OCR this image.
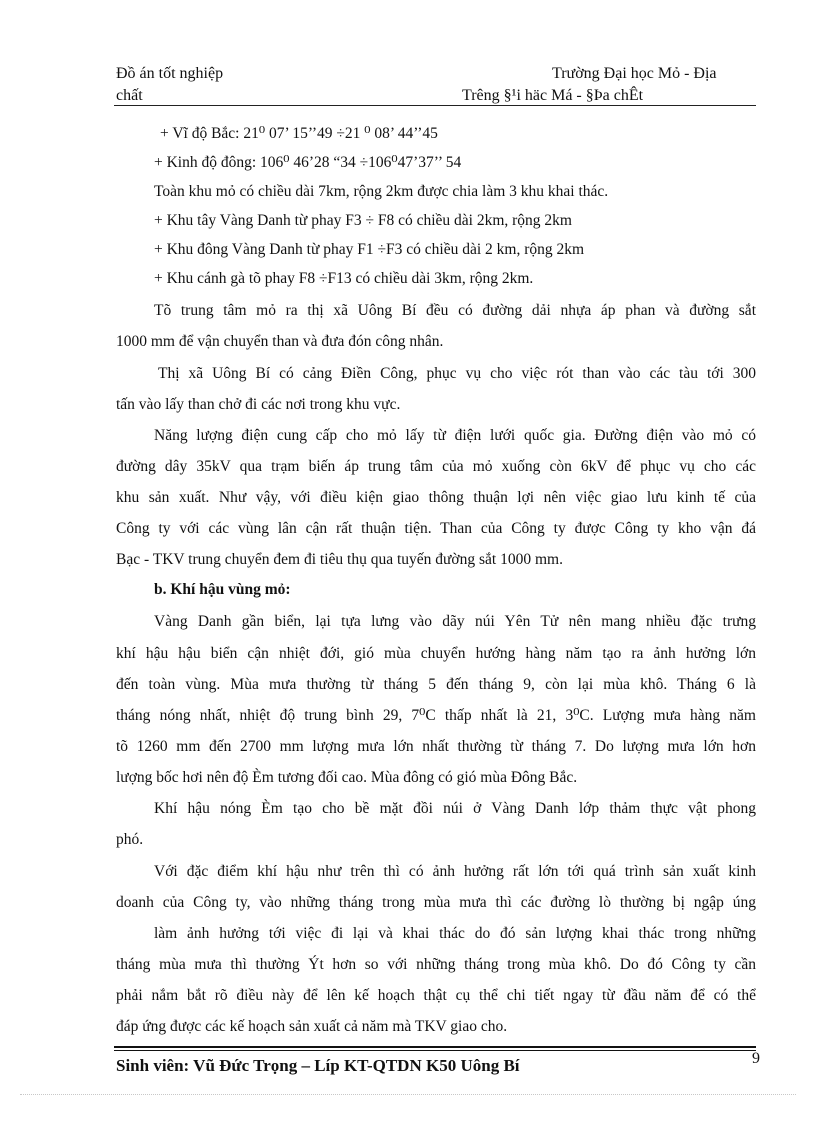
Đồ án tốt nghiệp	Trường Đại học Mỏ - Địa
chất	Trêng §¹i häc Má - §Þa chÊt
+ Vĩ độ Bắc: 21⁰ 07’ 15’’49 ÷21 ⁰ 08’ 44’’45
+ Kinh độ đông: 106⁰ 46’28 “34 ÷106⁰47’37’’ 54
Toàn khu mỏ có chiều dài 7km, rộng 2km được chia làm 3 khu khai thác.
+ Khu tây Vàng Danh từ phay F3 ÷ F8 có chiều dài 2km, rộng 2km
+ Khu đông Vàng Danh từ phay F1 ÷F3 có chiều dài 2 km, rộng 2km
+ Khu cánh gà tõ phay F8 ÷F13 có chiều dài 3km, rộng 2km.
Tõ trung tâm mỏ ra thị xã Uông Bí đều có đường dải nhựa áp phan và đường sắt
1000 mm để vận chuyển than và đưa đón công nhân.
Thị xã Uông Bí có cảng Điền Công, phục vụ cho việc rót than vào các tàu tới 300
tấn vào lấy than chở đi các nơi trong khu vực.
Năng lượng điện cung cấp cho mỏ lấy từ điện lưới quốc gia. Đường điện vào mỏ có
đường dây 35kV qua trạm biến áp trung tâm của mỏ xuống còn 6kV để phục vụ cho các
khu sản xuất. Như vậy, với điều kiện giao thông thuận lợi nên việc giao lưu kinh tế của
Công ty với các vùng lân cận rất thuận tiện. Than của Công ty được Công ty kho vận đá
Bạc - TKV trung chuyển đem đi tiêu thụ qua tuyến đường sắt 1000 mm.
b. Khí hậu vùng mỏ:
Vàng Danh gần biển, lại tựa lưng vào dãy núi Yên Tử nên mang nhiều đặc trưng
khí hậu hậu biển cận nhiệt đới, gió mùa chuyển hướng hàng năm tạo ra ảnh hưởng lớn
đến toàn vùng. Mùa mưa thường từ tháng 5 đến tháng 9, còn lại mùa khô. Tháng 6 là
tháng nóng nhất, nhiệt độ trung bình 29, 7⁰C thấp nhất là 21, 3⁰C. Lượng mưa hàng năm
tõ 1260 mm đến 2700 mm lượng mưa lớn nhất thường từ tháng 7. Do lượng mưa lớn hơn
lượng bốc hơi nên độ Èm tương đối cao. Mùa đông có gió mùa Đông Bắc.
Khí hậu nóng Èm tạo cho bề mặt đồi núi ở Vàng Danh lớp thảm thực vật phong
phó.
Với đặc điểm khí hậu như trên thì có ảnh hưởng rất lớn tới quá trình sản xuất kinh
doanh của Công ty, vào những tháng trong mùa mưa thì các đường lò thường bị ngập úng
làm ảnh hưởng tới việc đi lại và khai thác do đó sản lượng khai thác trong những
tháng mùa mưa thì thường Ýt hơn so với những tháng trong mùa khô. Do đó Công ty cần
phải nắm bắt rõ điều này để lên kế hoạch thật cụ thể chi tiết ngay từ đầu năm để có thể
đáp ứng được các kế hoạch sản xuất cả năm mà TKV giao cho.
9
Sinh viên: Vũ Đức Trọng – Líp KT-QTDN K50 Uông Bí
